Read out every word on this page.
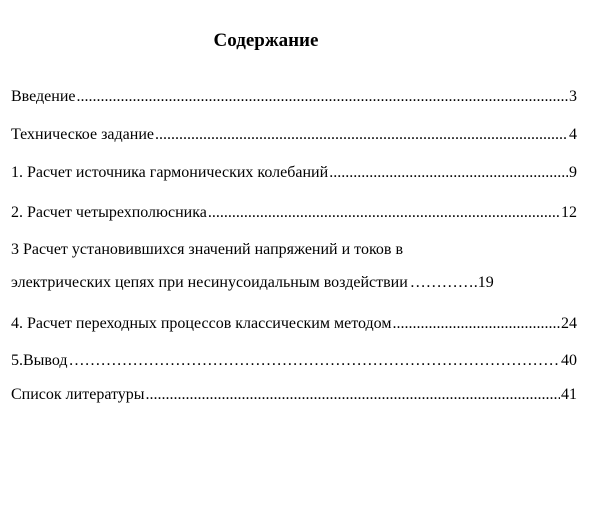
Содержание
Введение .....	3
Техническое задание .....	4
1. Расчет источника гармонических колебаний .....	9
2. Расчет четырехполюсника .....	12
3 Расчет установившихся значений напряжений и токов в
электрических цепях при несинусоидальным воздействии …………. 19
4. Расчет переходных процессов классическим методом .....	24
5.Вывод …………………………………………………………………………………………………………………………………	40
Список литературы .....	41
